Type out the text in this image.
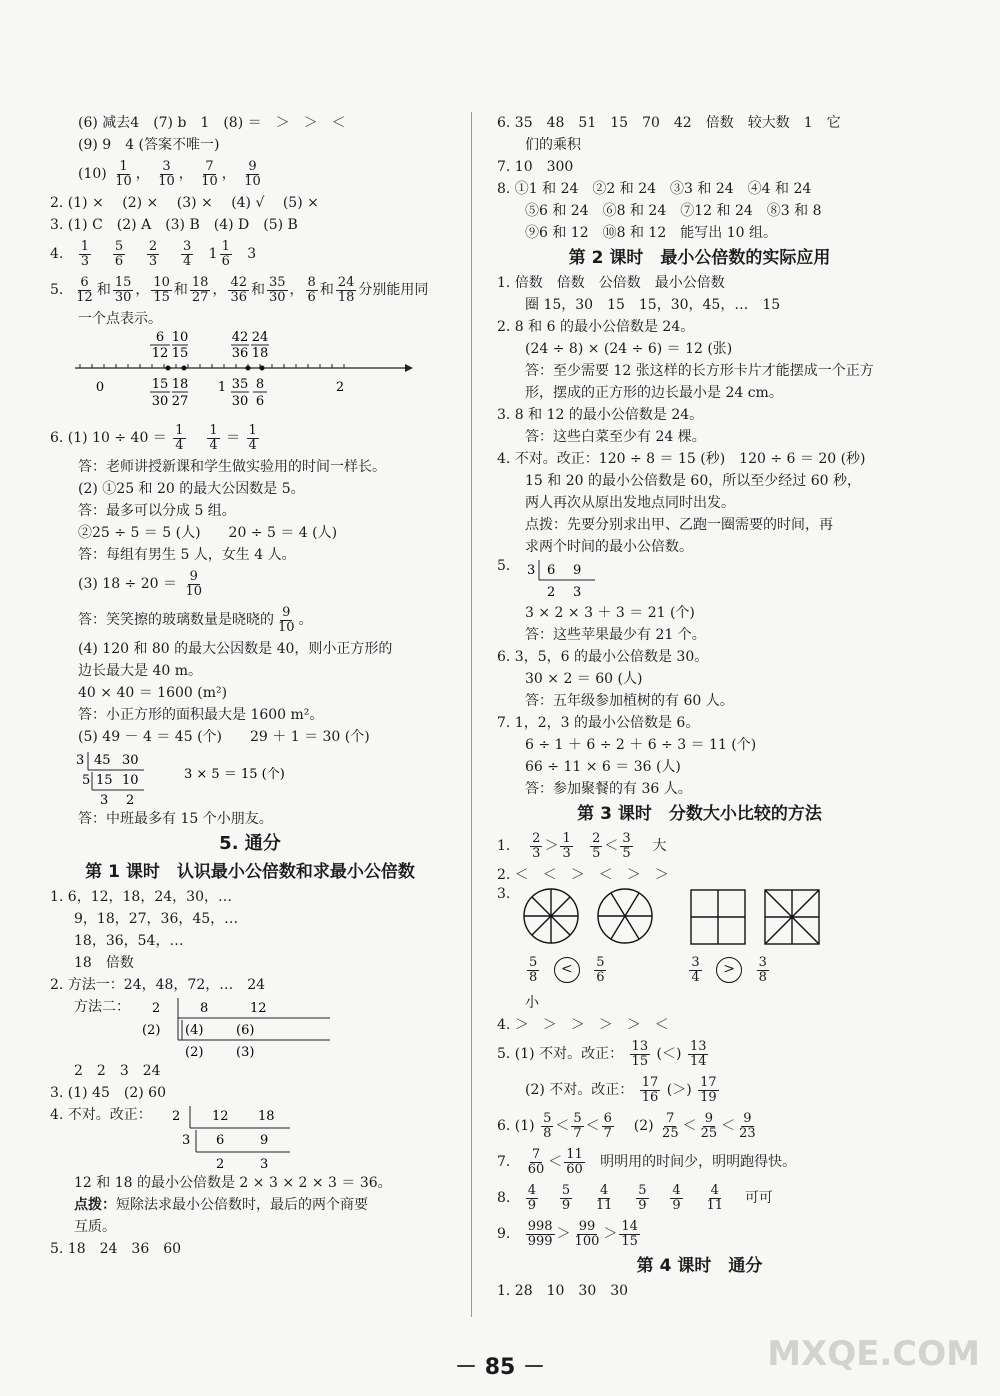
(6) 减去4　(7) b　1　(8) ＝　＞　＞　＜
(9) 9　4 (答案不唯一)
$(10) \frac{1}{10}$ ， $\frac{3}{10}$ ， $\frac{7}{10}$ ， $\frac{9}{10}$
2. (1) ×　 (2) ×　 (3) ×　 (4) √　 (5) ×
3. (1) C　(2) A　(3) B　(4) D　(5) B
4. $\frac{1}{3}$
$\frac{5}{6}$
$\frac{2}{3}$
$\frac{3}{4} 1 \frac{1}{6} 3$
5. $\frac{6}{12}$ 和 $\frac{15}{30}$ ， $\frac{10}{15}$ 和 $\frac{18}{27}$ ， $\frac{42}{36}$ 和 $\frac{35}{30}$ ， $\frac{8}{6}$ 和 $\frac{24}{18}$ 分别能用同
一个点表示。
0	1	2
6
12
10
15
42
36
24
18
15
30
18
27
35
30
8
6
6. (1) $10 \div 40 = \frac{1}{4}$
$\frac{1}{4} = \frac{1}{4}$
答：老师讲授新课和学生做实验用的时间一样长。
(2) ①25 和 20 的最大公因数是 5。
答：最多可以分成 5 组。
②25 ÷ 5 ＝ 5 (人)　　20 ÷ 5 ＝ 4 (人)
答：每组有男生 5 人，女生 4 人。
(3) $18 \div 20 = \frac{9}{10}$
答：笑笑擦的玻璃数量是晓晓的 $\frac{9}{10}$ 。
(4) 120 和 80 的最大公因数是 40，则小正方形的
边长最大是 40 m。
40 × 40 ＝ 1600 (m²)
答：小正方形的面积最大是 1600 m²。
(5) 49 － 4 ＝ 45 (个)　　29 ＋ 1 ＝ 30 (个)
3 45 30
5 15 10
3 2
3 × 5 ＝ 15 (个)
答：中班最多有 15 个小朋友。
5. 通分
第 1 课时　认识最小公倍数和求最小公倍数
1. 6，12，18，24，30，…
9，18，27，36，45，…
18，36，54，…
18　倍数
2. 方法一：24，48，72，…　24
方法二： 2	8	12
(2) (4)	(6)
(2)	(3)
2　2　3　24
3. (1) 45　(2) 60
4. 不对。改正： 2 12 18
3 6	9
2	3
12 和 18 的最小公倍数是 2 × 3 × 2 × 3 ＝ 36。
点拨：短除法求最小公倍数时，最后的两个商要
互质。
5. 18　24　36　60
6. 35　48　51　15　70　42　倍数　较大数　1　它
们的乘积
7. 10　300
8. ①1 和 24　②2 和 24　③3 和 24　④4 和 24
⑤6 和 24　⑥8 和 24　⑦12 和 24　⑧3 和 8
⑨6 和 12　⑩8 和 12　能写出 10 组。
第 2 课时　最小公倍数的实际应用
1. 倍数　倍数　公倍数　最小公倍数
圈 15，30　15　15，30，45，…　15
2. 8 和 6 的最小公倍数是 24。
(24 ÷ 8) × (24 ÷ 6) ＝ 12 (张)
答：至少需要 12 张这样的长方形卡片才能摆成一个正方
形，摆成的正方形的边长最小是 24 cm。
3. 8 和 12 的最小公倍数是 24。
答：这些白菜至少有 24 棵。
4. 不对。改正：120 ÷ 8 ＝ 15 (秒)　120 ÷ 6 ＝ 20 (秒)
15 和 20 的最小公倍数是 60，所以至少经过 60 秒，
两人再次从原出发地点同时出发。
点拨：先要分别求出甲、乙跑一圈需要的时间，再
求两个时间的最小公倍数。
5. 3 6 9
2 3
3 × 2 × 3 ＋ 3 ＝ 21 (个)
答：这些苹果最少有 21 个。
6. 3，5，6 的最小公倍数是 30。
30 × 2 ＝ 60 (人)
答：五年级参加植树的有 60 人。
7. 1，2，3 的最小公倍数是 6。
6 ÷ 1 ＋ 6 ÷ 2 ＋ 6 ÷ 3 ＝ 11 (个)
66 ÷ 11 × 6 ＝ 36 (人)
答：参加聚餐的有 36 人。
第 3 课时　分数大小比较的方法
1. $\frac{2}{3} > \frac{1}{3}$
$\frac{2}{5} < \frac{3}{5}$ 大
2. ＜　＜　＞　＜　＞　＞
3.
$\frac{5}{8} < \frac{5}{6}$
	$\frac{3}{4} > \frac{3}{8}$
小
4. ＞　＞　＞　＞　＞　＜
5. (1) 不对。改正： $\frac{13}{15}$ (＜) $\frac{13}{14}$
(2) 不对。改正： $\frac{17}{16}$ (＞) $\frac{17}{19}$
6. $(1) \frac{5}{8} < \frac{5}{7} < \frac{6}{7} (2) \frac{7}{25} < \frac{9}{25} < \frac{9}{23}$
7. $\frac{7}{60} < \frac{11}{60}$ 明明用的时间少，明明跑得快。
8. $\frac{4}{9}$
$\frac{5}{9}$
$\frac{4}{11}$
$\frac{5}{9}$
$\frac{4}{9}$
$\frac{4}{11}$ 可可
9. $\frac{998}{999} > \frac{99}{100} > \frac{14}{15}$
第 4 课时　通分
1. 28　10　30　30
－ 85 －	MXQE.COM
